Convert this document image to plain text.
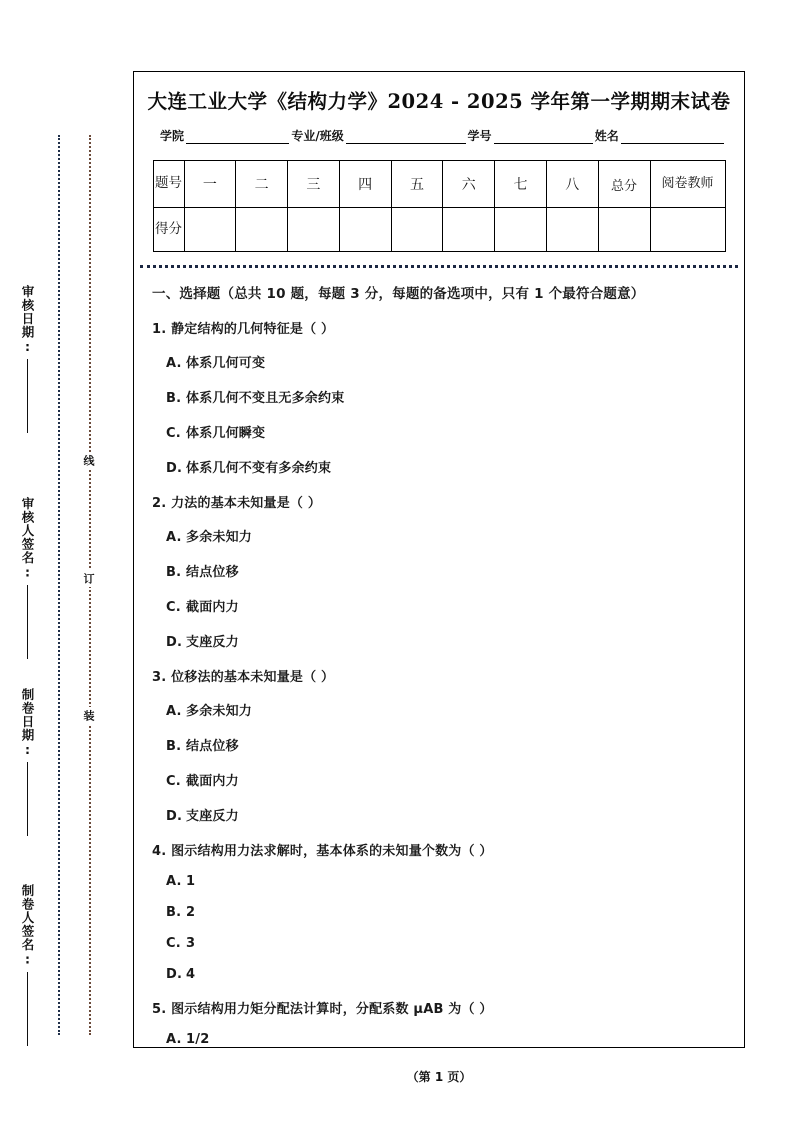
审核日期:
审核人签名:
制卷日期:
制卷人签名:
线
订
装
大连工业大学《结构力学》2024 - 2025 学年第一学期期末试卷
学院	专业/班级	学号	姓名
题号	一	二	三	四	五	六	七	八	总分	阅卷教师
得分										
一、选择题（总共 10 题，每题 3 分，每题的备选项中，只有 1 个最符合题意）
1. 静定结构的几何特征是（ ）
A. 体系几何可变
B. 体系几何不变且无多余约束
C. 体系几何瞬变
D. 体系几何不变有多余约束
2. 力法的基本未知量是（ ）
A. 多余未知力
B. 结点位移
C. 截面内力
D. 支座反力
3. 位移法的基本未知量是（ ）
A. 多余未知力
B. 结点位移
C. 截面内力
D. 支座反力
4. 图示结构用力法求解时，基本体系的未知量个数为（ ）
A. 1
B. 2
C. 3
D. 4
5. 图示结构用力矩分配法计算时，分配系数 μAB 为（ ）
A. 1/2
（第 1 页）
